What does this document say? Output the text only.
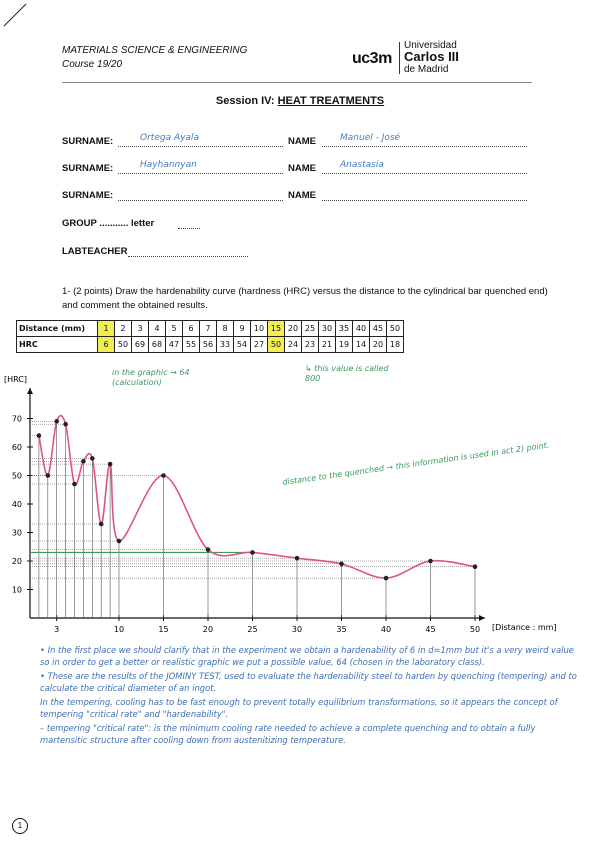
MATERIALS SCIENCE & ENGINEERING
Course 19/20	uc3m
Universidad
Carlos III
de Madrid
Session IV: HEAT TREATMENTS
SURNAME:	Ortega Ayala	NAME	Manuel - José
SURNAME:	Hayhannyan	NAME	Anastasia
SURNAME:	NAME
GROUP ........... letter
LABTEACHER
1- (2 points) Draw the hardenability curve (hardness (HRC) versus the distance to the cylindrical bar quenched end) and comment the obtained results.
Distance (mm)	1	2	3	4	5	6	7	8	9	10	15	20	25	30	35	40	45	50
HRC	6	50	69	68	47	55	56	33	54	27	50	24	23	21	19	14	20	18
in the graphic → 64 (calculation)
↳ this value is called 800
10
20
30
40
50
60
70
3	10	15	20	25	30	35	40	45	50
[HRC]
[Distance : mm]
distance to the quenched → this information is used in act 2) point.

• In the first place we should clarify that in the experiment we obtain a hardenability of 6 in d=1mm but it's a very weird value so in order to get a better or realistic graphic we put a possible value, 64 (chosen in the laboratory class).

• These are the results of the JOMINY TEST, used to evaluate the hardenability steel to harden by quenching (tempering) and to calculate the critical diameter of an ingot.

In the tempering, cooling has to be fast enough to prevent totally equilibrium transformations, so it appears the concept of tempering "critical rate" and "hardenability".

– tempering "critical rate": is the minimum cooling rate needed to achieve a complete quenching and to obtain a fully martensitic structure after cooling down from austenitizing temperature.

1
